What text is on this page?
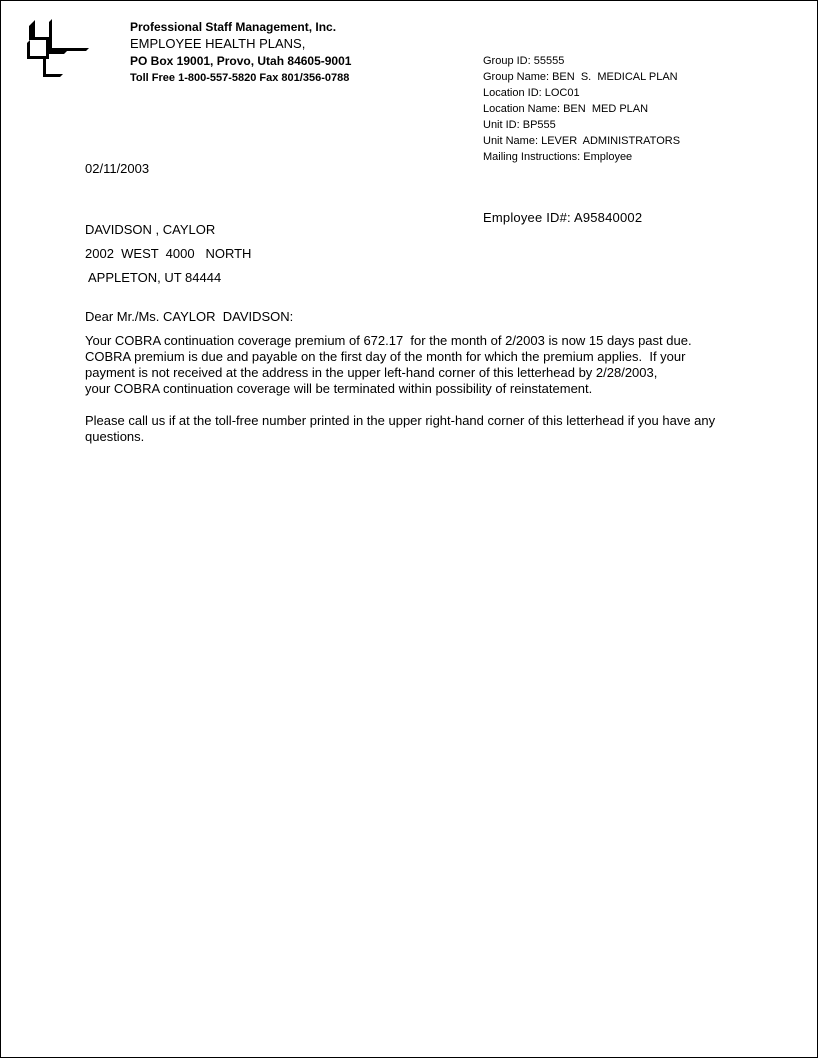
Professional Staff Management, Inc.
EMPLOYEE HEALTH PLANS,
PO Box 19001, Provo, Utah 84605-9001
Toll Free 1-800-557-5820 Fax 801/356-0788
Group ID: 55555
Group Name: BEN  S.  MEDICAL PLAN
Location ID: LOC01
Location Name: BEN  MED PLAN
Unit ID: BP555
Unit Name: LEVER  ADMINISTRATORS
Mailing Instructions: Employee
02/11/2003
Employee ID#: A95840002
DAVIDSON , CAYLOR
2002  WEST  4000   NORTH
APPLETON, UT 84444
Dear Mr./Ms. CAYLOR  DAVIDSON:
Your COBRA continuation coverage premium of 672.17  for the month of 2/2003 is now 15 days past due.
COBRA premium is due and payable on the first day of the month for which the premium applies.  If your
payment is not received at the address in the upper left-hand corner of this letterhead by 2/28/2003,
your COBRA continuation coverage will be terminated within possibility of reinstatement.
Please call us if at the toll-free number printed in the upper right-hand corner of this letterhead if you have any
questions.
